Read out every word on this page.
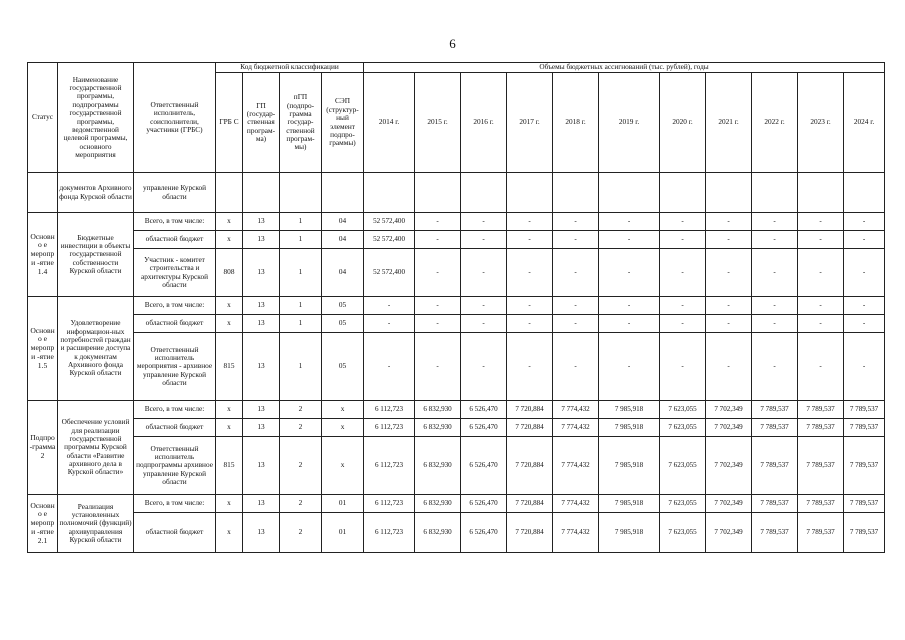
6
Статус	Наименование государственной программы, подпрограммы государственной программы, ведомственной целевой программы, основного мероприятия	Ответственный исполнитель, соисполнители, участники (ГРБС)	Код бюджетной классификации				Объемы бюджетных ассигнований (тыс. рублей), годы										
			ГРБ С	ГП (государ-ственная програм-ма)	пГП (подпро-грамма государ-ственной програм-мы)	СЭП (структур-ный элемент подпро-граммы)	2014 г.	2015 г.	2016 г.	2017 г.	2018 г.	2019 г.	2020 г.	2021 г.	2022 г.	2023 г.	2024 г.
	документов Архивного фонда Курской области	управление Курской области															
Основно е меропри -ятие 1.4	Бюджетные инвестиции в объекты государственной собственности Курской области	Всего, в том числе:	х	13	1	04	52 572,400	-	-	-	-	-	-	-	-	-	-
		областной бюджет	х	13	1	04	52 572,400	-	-	-	-	-	-	-	-	-	-
		Участник - комитет строительства и архитектуры Курской области	808	13	1	04	52 572,400	-	-	-	-	-	-	-	-	-	-
Основно е меропри -ятие 1.5	Удовлетворение информацион-ных потребностей граждан и расширение доступа к документам Архивного фонда Курской области	Всего, в том числе:	х	13	1	05	-	-	-	-	-	-	-	-	-	-	-
		областной бюджет	х	13	1	05	-	-	-	-	-	-	-	-	-	-	-
		Ответственный исполнитель мероприятия - архивное управление Курской области	815	13	1	05	-	-	-	-	-	-	-	-	-	-	-
Подпро-грамма 2	Обеспечение условий для реализации государственной программы Курской области «Развитие архивного дела в Курской области»	Всего, в том числе:	х	13	2	х	6 112,723	6 832,930	6 526,470	7 720,884	7 774,432	7 985,918	7 623,055	7 702,349	7 789,537	7 789,537	7 789,537
		областной бюджет	х	13	2	х	6 112,723	6 832,930	6 526,470	7 720,884	7 774,432	7 985,918	7 623,055	7 702,349	7 789,537	7 789,537	7 789,537
		Ответственный исполнитель подпрограммы архивное управление Курской области	815	13	2	х	6 112,723	6 832,930	6 526,470	7 720,884	7 774,432	7 985,918	7 623,055	7 702,349	7 789,537	7 789,537	7 789,537
Основно е меропри -ятие 2.1	Реализация установленных полномочий (функций) архивуправления Курской области	Всего, в том числе:	х	13	2	01	6 112,723	6 832,930	6 526,470	7 720,884	7 774,432	7 985,918	7 623,055	7 702,349	7 789,537	7 789,537	7 789,537
		областной бюджет	х	13	2	01	6 112,723	6 832,930	6 526,470	7 720,884	7 774,432	7 985,918	7 623,055	7 702,349	7 789,537	7 789,537	7 789,537
